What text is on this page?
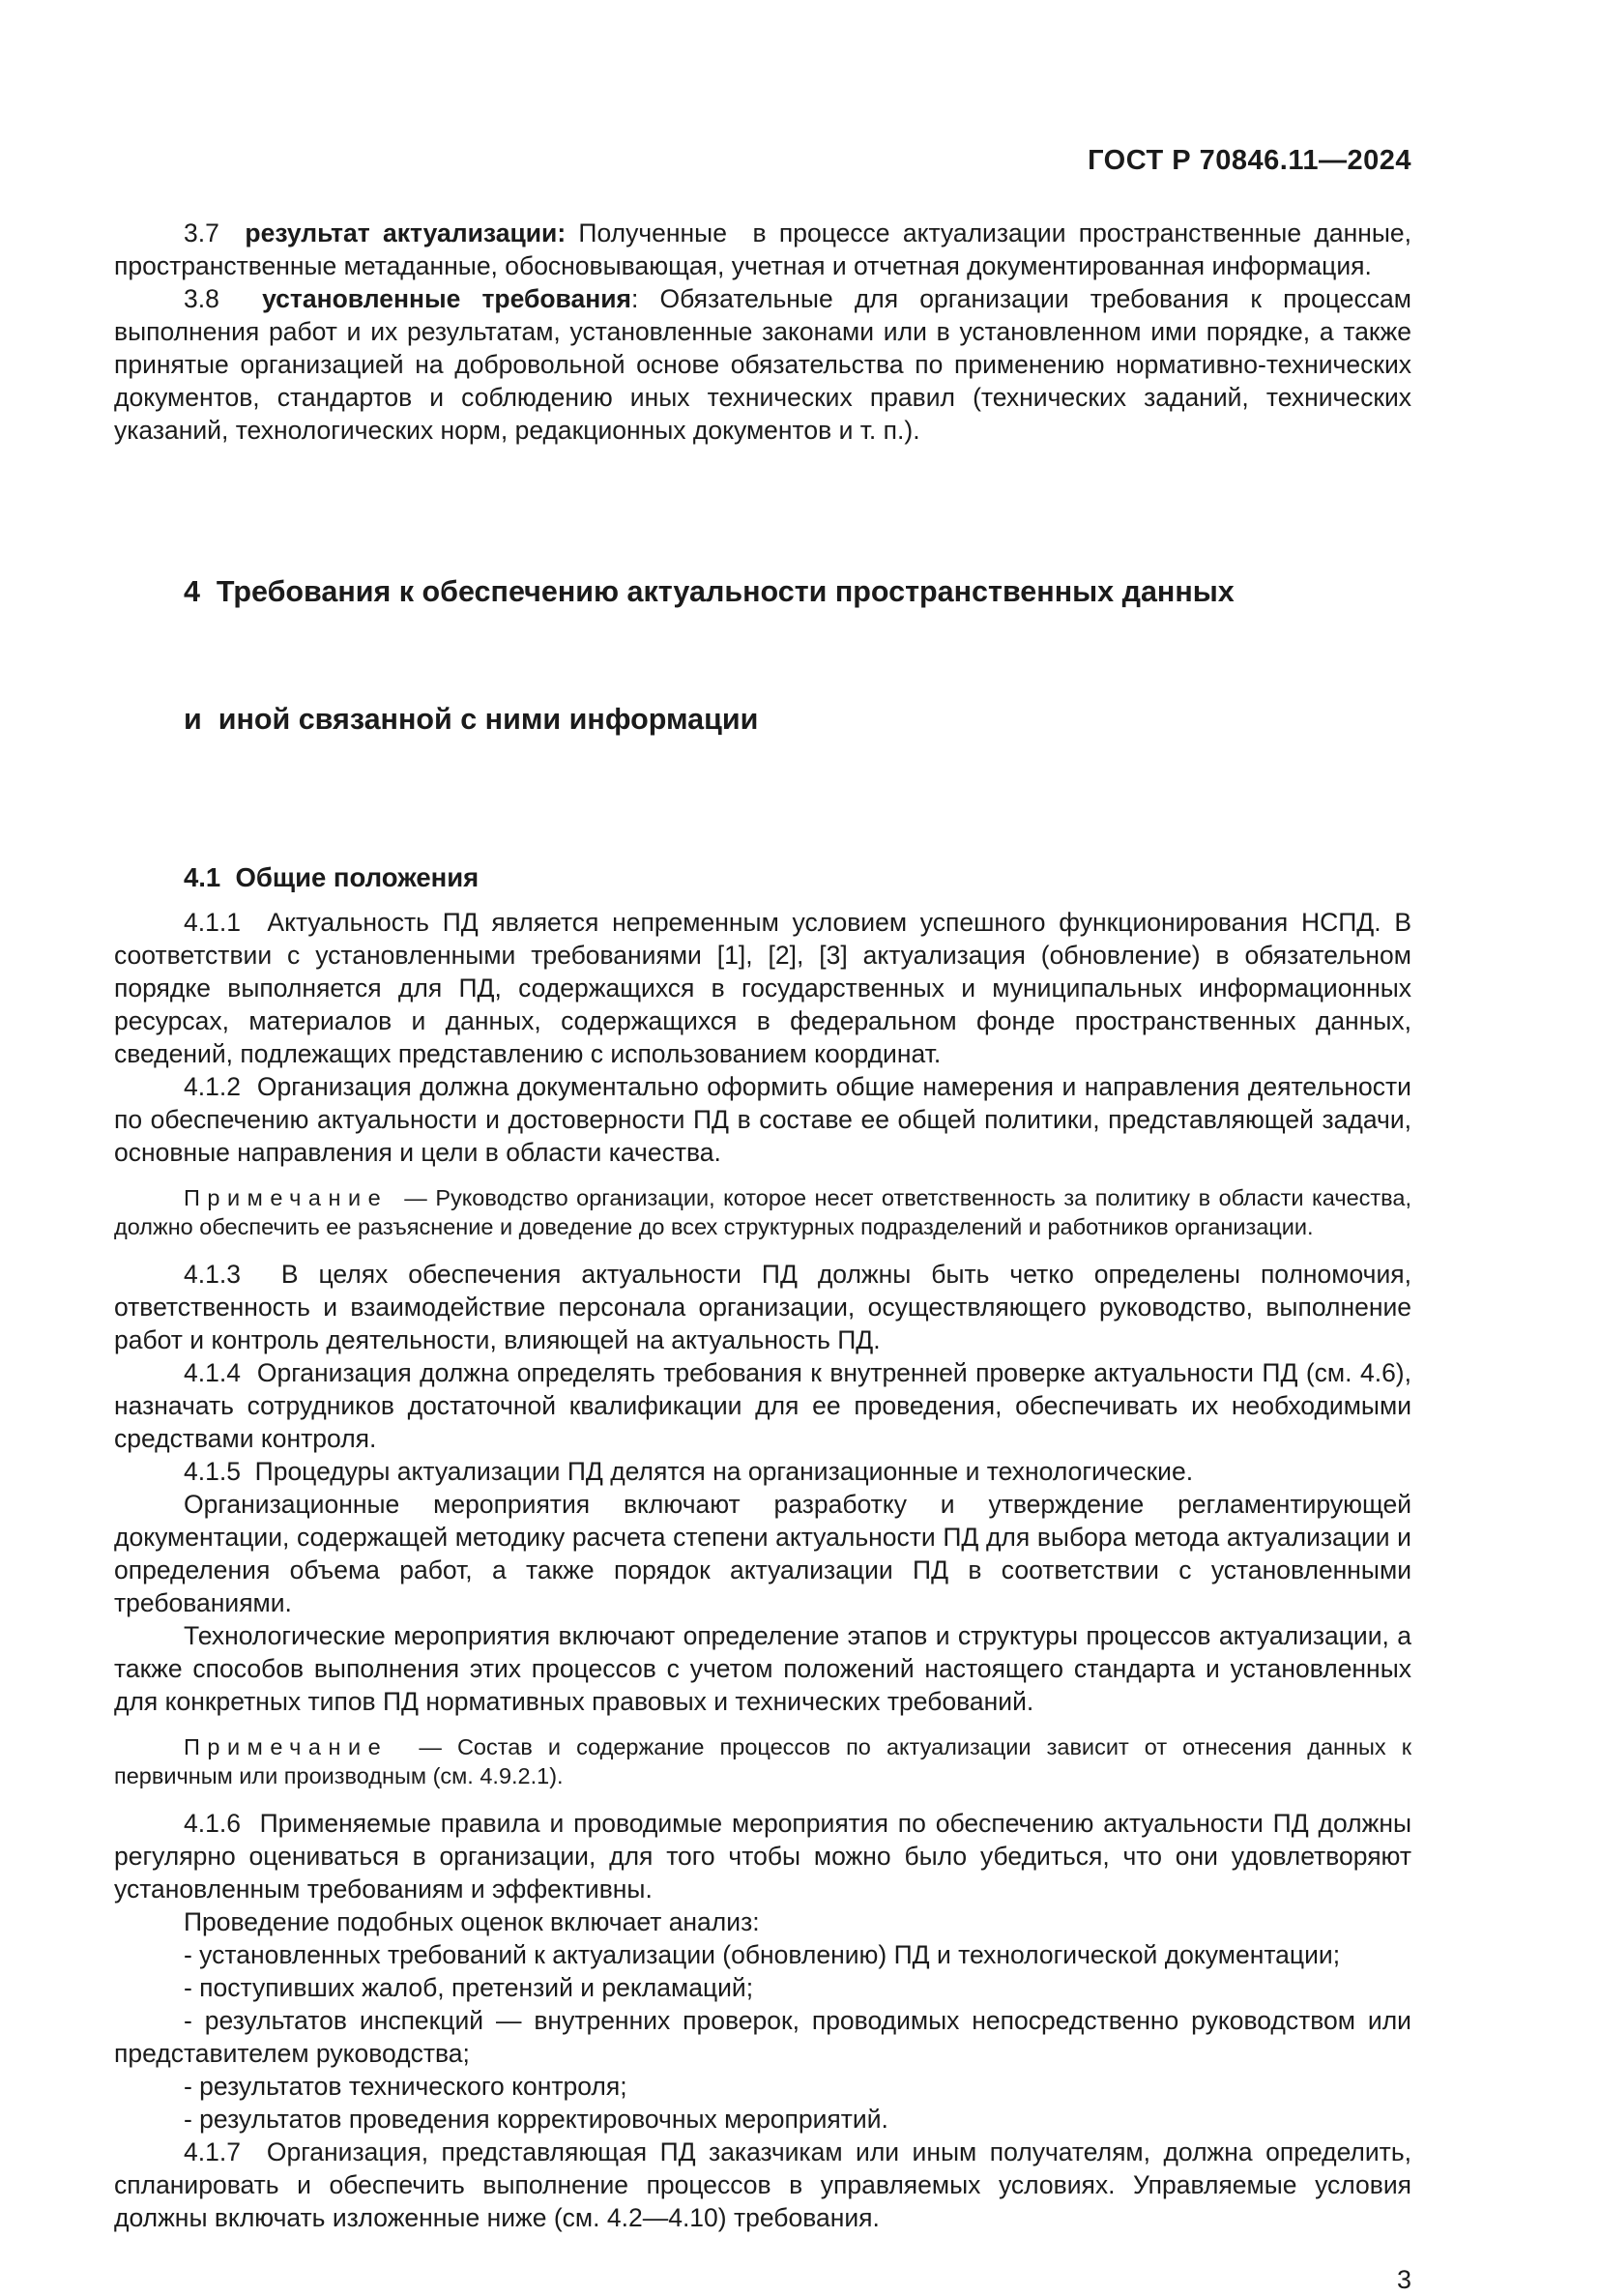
ГОСТ Р 70846.11—2024

3.7  результат актуализации: Полученные  в процессе актуализации пространственные данные, пространственные метаданные, обосновывающая, учетная и отчетная документированная информация.

3.8  установленные требования: Обязательные для организации требования к процессам выполнения работ и их результатам, установленные законами или в установленном ими порядке, а также принятые организацией на добровольной основе обязательства по применению нормативно-технических документов, стандартов и соблюдению иных технических правил (технических заданий, технических указаний, технологических норм, редакционных документов и т. п.).

4  Требования к обеспечению актуальности пространственных данных

и  иной связанной с ними информации

4.1  Общие положения

4.1.1  Актуальность ПД является непременным условием успешного функционирования НСПД. В соответствии с установленными требованиями [1], [2], [3] актуализация (обновление) в обязательном порядке выполняется для ПД, содержащихся в государственных и муниципальных информационных ресурсах, материалов и данных, содержащихся в федеральном фонде пространственных данных, сведений, подлежащих представлению с использованием координат.

4.1.2  Организация должна документально оформить общие намерения и направления деятельности по обеспечению актуальности и достоверности ПД в составе ее общей политики, представляющей задачи, основные направления и цели в области качества.

Примечание  — Руководство организации, которое несет ответственность за политику в области качества, должно обеспечить ее разъяснение и доведение до всех структурных подразделений и работников организации.

4.1.3  В целях обеспечения актуальности ПД должны быть четко определены полномочия, ответственность и взаимодействие персонала организации, осуществляющего руководство, выполнение работ и контроль деятельности, влияющей на актуальность ПД.

4.1.4  Организация должна определять требования к внутренней проверке актуальности ПД (см. 4.6), назначать сотрудников достаточной квалификации для ее проведения, обеспечивать их необходимыми средствами контроля.

4.1.5  Процедуры актуализации ПД делятся на организационные и технологические.

Организационные мероприятия включают разработку и утверждение регламентирующей документации, содержащей методику расчета степени актуальности ПД для выбора метода актуализации и определения объема работ, а также порядок актуализации ПД в соответствии с установленными требованиями.

Технологические мероприятия включают определение этапов и структуры процессов актуализации, а также способов выполнения этих процессов с учетом положений настоящего стандарта и установленных для конкретных типов ПД нормативных правовых и технических требований.

Примечание  — Состав и содержание процессов по актуализации зависит от отнесения данных к первичным или производным (см. 4.9.2.1).

4.1.6  Применяемые правила и проводимые мероприятия по обеспечению актуальности ПД должны регулярно оцениваться в организации, для того чтобы можно было убедиться, что они удовлетворяют установленным требованиям и эффективны.

Проведение подобных оценок включает анализ:

- установленных требований к актуализации (обновлению) ПД и технологической документации;

- поступивших жалоб, претензий и рекламаций;

- результатов инспекций — внутренних проверок, проводимых непосредственно руководством или представителем руководства;

- результатов технического контроля;

- результатов проведения корректировочных мероприятий.

4.1.7  Организация, представляющая ПД заказчикам или иным получателям, должна определить, спланировать и обеспечить выполнение процессов в управляемых условиях. Управляемые условия должны включать изложенные ниже (см. 4.2—4.10) требования.

3
